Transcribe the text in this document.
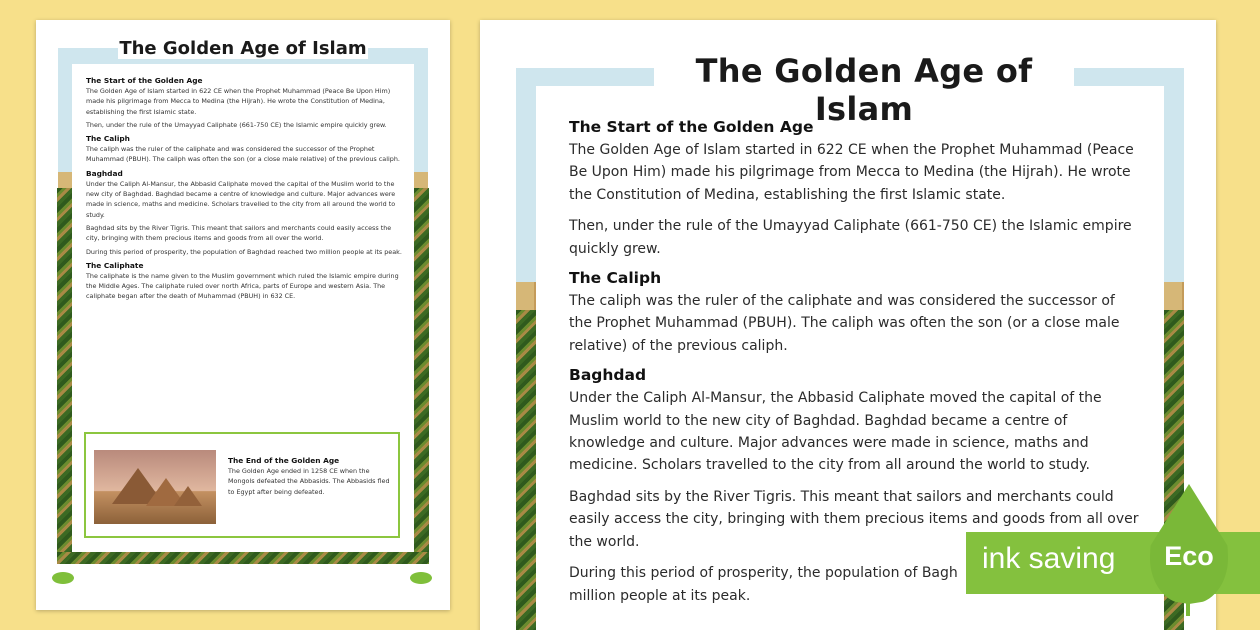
The Golden Age of Islam
The Start of the Golden Age
The Golden Age of Islam started in 622 CE when the Prophet Muhammad (Peace Be Upon Him) made his pilgrimage from Mecca to Medina (the Hijrah). He wrote the Constitution of Medina, establishing the first Islamic state.
Then, under the rule of the Umayyad Caliphate (661-750 CE) the Islamic empire quickly grew.
The Caliph
The caliph was the ruler of the caliphate and was considered the successor of the Prophet Muhammad (PBUH). The caliph was often the son (or a close male relative) of the previous caliph.
Baghdad
Under the Caliph Al-Mansur, the Abbasid Caliphate moved the capital of the Muslim world to the new city of Baghdad. Baghdad became a centre of knowledge and culture. Major advances were made in science, maths and medicine. Scholars travelled to the city from all around the world to study.
Baghdad sits by the River Tigris. This meant that sailors and merchants could easily access the city, bringing with them precious items and goods from all over the world.
During this period of prosperity, the population of Baghdad reached two million people at its peak.
The Caliphate
The caliphate is the name given to the Muslim government which ruled the Islamic empire during the Middle Ages. The caliphate ruled over north Africa, parts of Europe and western Asia. The caliphate began after the death of Muhammad (PBUH) in 632 CE.
The End of the Golden Age
The Golden Age ended in 1258 CE when the Mongols defeated the Abbasids. The Abbasids fled to Egypt after being defeated.
The Golden Age of Islam
The Start of the Golden Age
The Golden Age of Islam started in 622 CE when the Prophet Muhammad (Peace Be Upon Him) made his pilgrimage from Mecca to Medina (the Hijrah). He wrote the Constitution of Medina, establishing the first Islamic state.
Then, under the rule of the Umayyad Caliphate (661-750 CE) the Islamic empire quickly grew.
The Caliph
The caliph was the ruler of the caliphate and was considered the successor of the Prophet Muhammad (PBUH). The caliph was often the son (or a close male relative) of the previous caliph.
Baghdad
Under the Caliph Al-Mansur, the Abbasid Caliphate moved the capital of the Muslim world to the new city of Baghdad. Baghdad became a centre of knowledge and culture. Major advances were made in science, maths and medicine. Scholars travelled to the city from all around the world to study.
Baghdad sits by the River Tigris. This meant that sailors and merchants could easily access the city, bringing with them precious items and goods from all over the world.
During this period of prosperity, the population of Bagh
million people at its peak.
ink saving Eco
